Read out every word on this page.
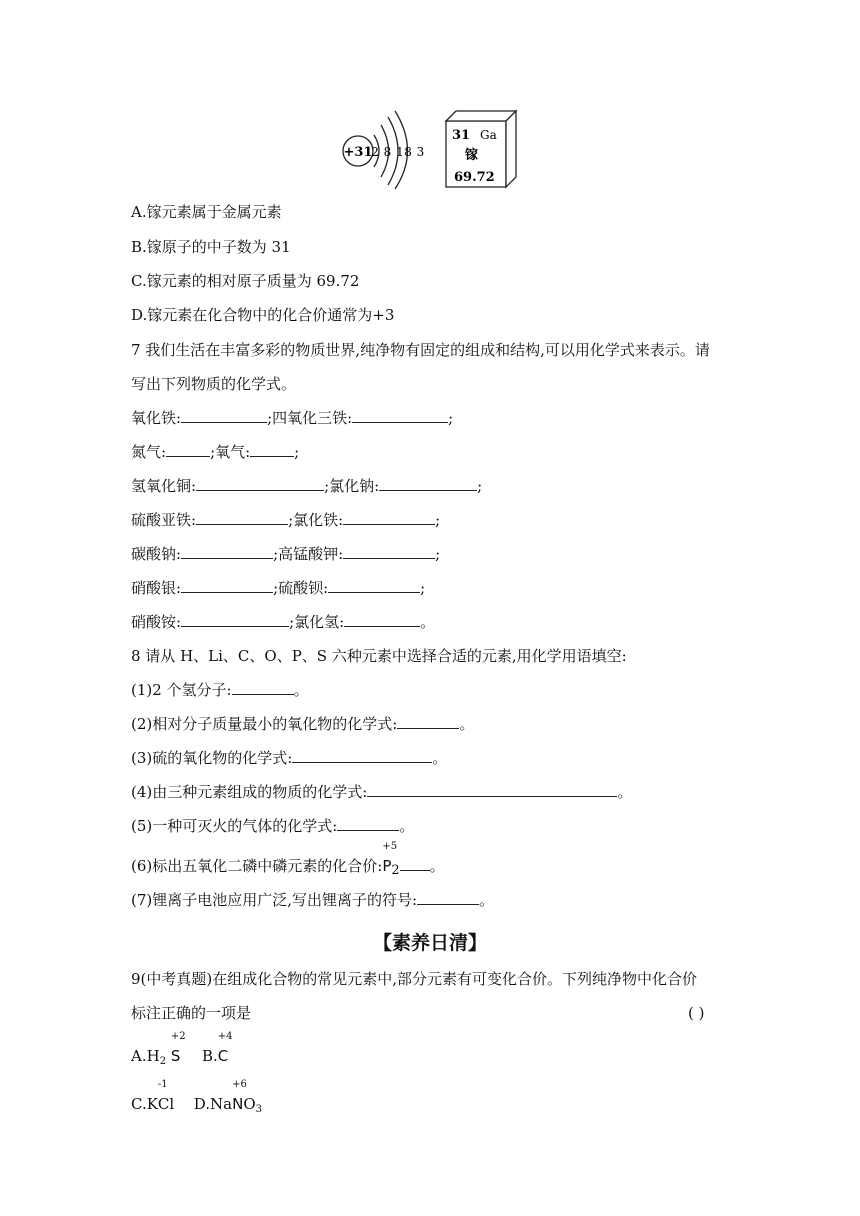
+31
2 8 18 3
31 Ga
镓
69.72
A.镓元素属于金属元素
B.镓原子的中子数为 31
C.镓元素的相对原子质量为 69.72
D.镓元素在化合物中的化合价通常为+3
7 我们生活在丰富多彩的物质世界,纯净物有固定的组成和结构,可以用化学式来表示。请
写出下列物质的化学式。
氧化铁:	;四氧化三铁:	;
氮气:	;氧气:	;
氢氧化铜:	;氯化钠:	;
硫酸亚铁:	;氯化铁:	;
碳酸钠:	;高锰酸钾:	;
硝酸银:	;硫酸钡:	;
硝酸铵:	;氯化氢:	。
8 请从 H、Li、C、O、P、S 六种元素中选择合适的元素,用化学用语填空:
(1)2 个氢分子:	。
(2)相对分子质量最小的氧化物的化学式:	。
(3)硫的氧化物的化学式:	。
(4)由三种元素组成的物质的化学式:	。
(5)一种可灭火的气体的化学式:	。
(6)标出五氧化二磷中磷元素的化合价:
+5
P2 。
(7)锂离子电池应用广泛,写出锂离子的符号:	。
【素养日清】
9(中考真题)在组成化合物的常见元素中,部分元素有可变化合价。下列纯净物中化合价
标注正确的一项是	( )
$A.H_2$
+2
S B.
+4
C
C.K
-1
Cl D.Na
+6
$NO_3$
